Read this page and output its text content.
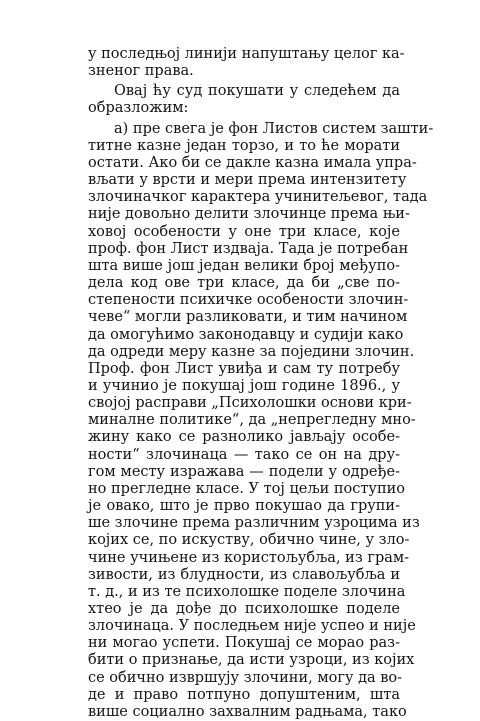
у последњој линији напуштању целог ка-
зненог права.

Овај ћу суд покушати у следећем да
образложим:

а) пре свега је фон Листов систем зашти-
титне казне један торзо, и то ће морати
остати. Ако би се дакле казна имала упра-
вљати у врсти и мери према интензитету
злочиначког карактера учинитељевог, тада
није довољно делити злочинце према њи-
ховој особености у оне три класе, које
проф. фон Лист издваја. Тада је потребан
шта више још један велики број међупо-
дела код ове три класе, да би „све по-
степености психичке особености злочин-
чеве“ могли разликовати, и тим начином
да омогућимо законодавцу и судији како
да одреди меру казне за поједини злочин.
Проф. фон Лист увиђа и сам ту потребу
и учинио је покушај још године 1896., у
својој расправи „Психолошки основи кри-
миналне политике“, да „непрегледну мно-
жину како се разнолико јављају особе-
ности“ злочинаца — тако се он на дру-
гом месту изражава — подели у одређе-
но прегледне класе. У тој цељи поступио
је овако, што је прво покушао да групи-
ше злочине према различним узроцима из
којих се, по искуству, обично чине, у зло-
чине учињене из користољубља, из грам-
зивости, из блудности, из славољубља и
т. д., и из те психолошке поделе злочина
хтео је да дође до психолошке поделе
злочинаца. У последњем није успео и није
ни могао успети. Покушај се морао раз-
бити о признање, да исти узроци, из којих
се обично извршују злочини, могу да во-
де и право потпуно допуштеним, шта
више социално захвалним радњама, тако
